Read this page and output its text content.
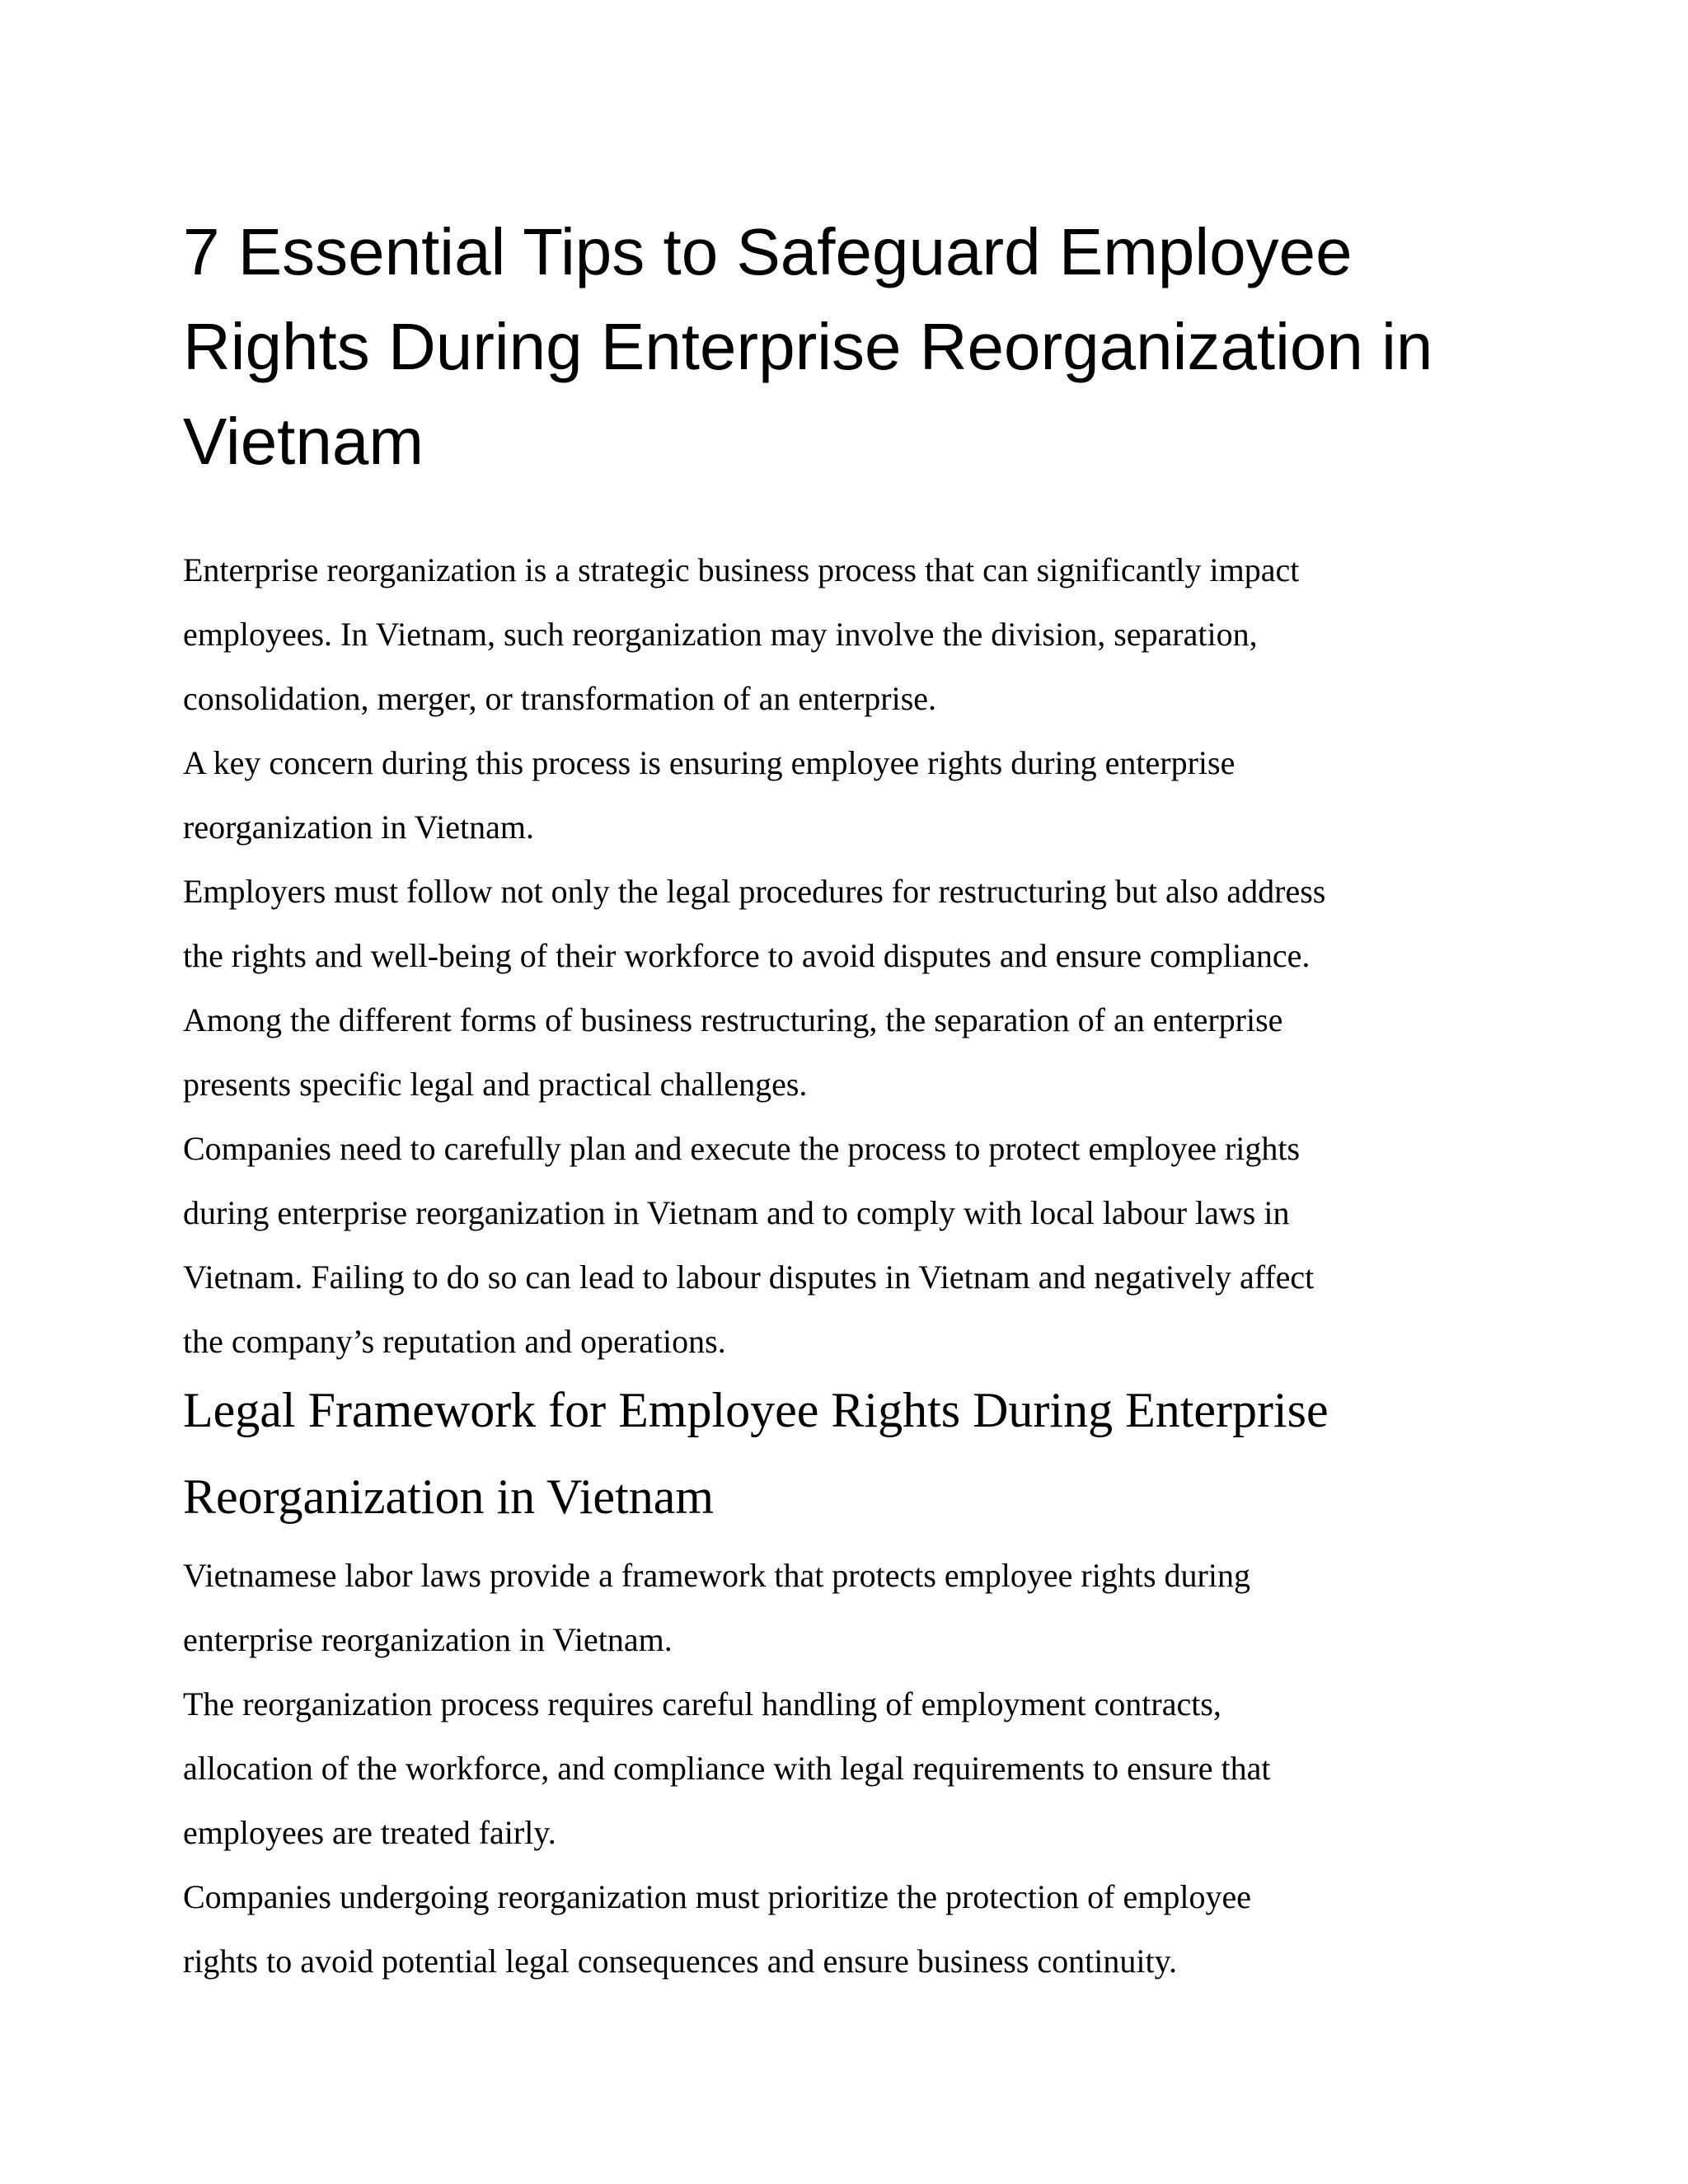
7 Essential Tips to Safeguard Employee
Rights During Enterprise Reorganization in
Vietnam
Enterprise reorganization is a strategic business process that can significantly impact
employees. In Vietnam, such reorganization may involve the division, separation,
consolidation, merger, or transformation of an enterprise.
A key concern during this process is ensuring employee rights during enterprise
reorganization in Vietnam.
Employers must follow not only the legal procedures for restructuring but also address
the rights and well-being of their workforce to avoid disputes and ensure compliance.
Among the different forms of business restructuring, the separation of an enterprise
presents specific legal and practical challenges.
Companies need to carefully plan and execute the process to protect employee rights
during enterprise reorganization in Vietnam and to comply with local labour laws in
Vietnam. Failing to do so can lead to labour disputes in Vietnam and negatively affect
the company’s reputation and operations.
Legal Framework for Employee Rights During Enterprise
Reorganization in Vietnam
Vietnamese labor laws provide a framework that protects employee rights during
enterprise reorganization in Vietnam.
The reorganization process requires careful handling of employment contracts,
allocation of the workforce, and compliance with legal requirements to ensure that
employees are treated fairly.
Companies undergoing reorganization must prioritize the protection of employee
rights to avoid potential legal consequences and ensure business continuity.
